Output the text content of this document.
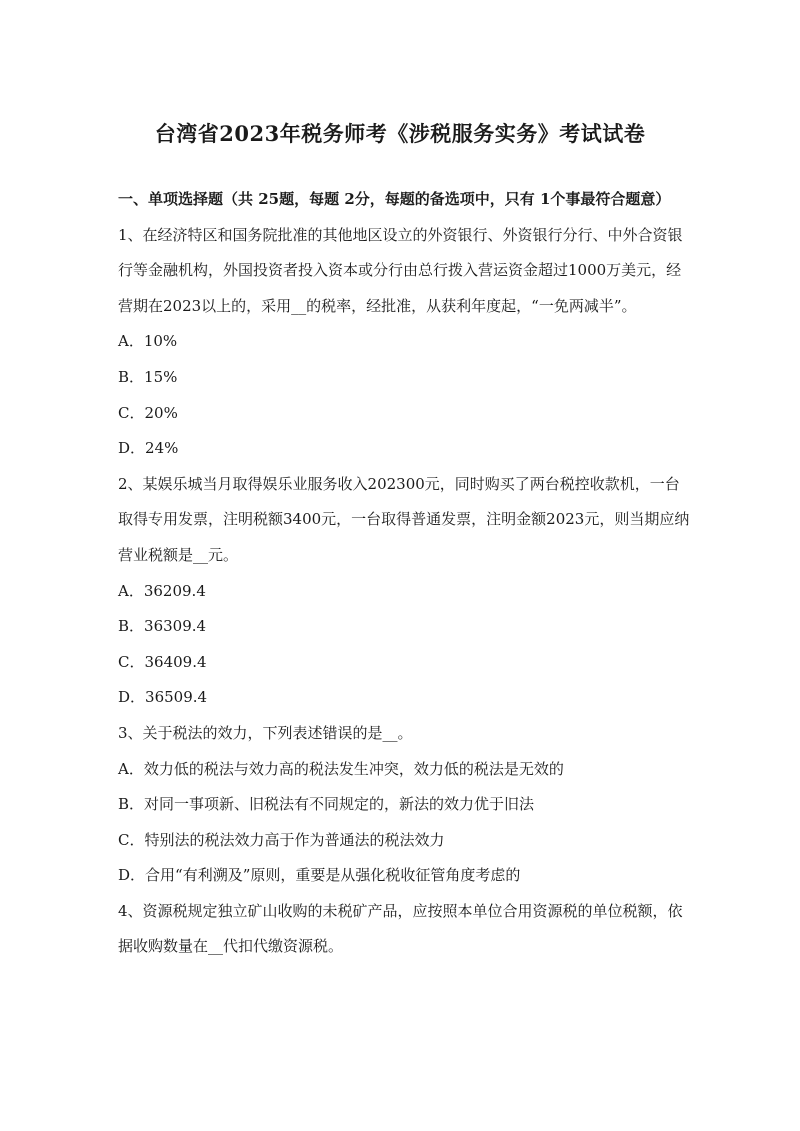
台湾省2023年税务师考《涉税服务实务》考试试卷

一、单项选择题（共 25题，每题 2分，每题的备选项中，只有 1个事最符合题意）

1、在经济特区和国务院批准的其他地区设立的外资银行、外资银行分行、中外合资银行等金融机构，外国投资者投入资本或分行由总行拨入营运资金超过1000万美元，经营期在2023以上的，采用__的税率，经批准，从获利年度起，“一免两减半”。

A．10%

B．15%

C．20%

D．24%

2、某娱乐城当月取得娱乐业服务收入202300元，同时购买了两台税控收款机，一台取得专用发票，注明税额3400元，一台取得普通发票，注明金额2023元，则当期应纳营业税额是__元。

A．36209.4

B．36309.4

C．36409.4

D．36509.4

3、关于税法的效力，下列表述错误的是__。

A．效力低的税法与效力高的税法发生冲突，效力低的税法是无效的

B．对同一事项新、旧税法有不同规定的，新法的效力优于旧法

C．特别法的税法效力高于作为普通法的税法效力

D．合用“有利溯及”原则，重要是从强化税收征管角度考虑的

4、资源税规定独立矿山收购的未税矿产品，应按照本单位合用资源税的单位税额，依据收购数量在__代扣代缴资源税。
